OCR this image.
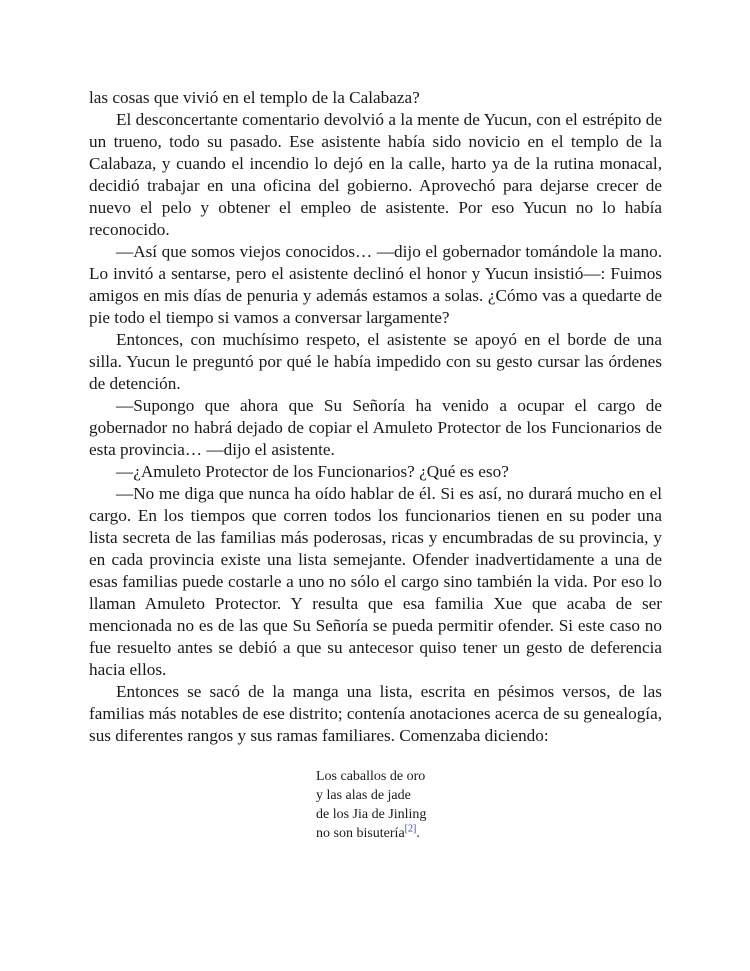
las cosas que vivió en el templo de la Calabaza?

El desconcertante comentario devolvió a la mente de Yucun, con el estrépito de un trueno, todo su pasado. Ese asistente había sido novicio en el templo de la Calabaza, y cuando el incendio lo dejó en la calle, harto ya de la rutina monacal, decidió trabajar en una oficina del gobierno. Aprovechó para dejarse crecer de nuevo el pelo y obtener el empleo de asistente. Por eso Yucun no lo había reconocido.

—Así que somos viejos conocidos… —dijo el gobernador tomándole la mano. Lo invitó a sentarse, pero el asistente declinó el honor y Yucun insistió—: Fuimos amigos en mis días de penuria y además estamos a solas. ¿Cómo vas a quedarte de pie todo el tiempo si vamos a conversar largamente?

Entonces, con muchísimo respeto, el asistente se apoyó en el borde de una silla. Yucun le preguntó por qué le había impedido con su gesto cursar las órdenes de detención.

—Supongo que ahora que Su Señoría ha venido a ocupar el cargo de gobernador no habrá dejado de copiar el Amuleto Protector de los Funcionarios de esta provincia… —dijo el asistente.

—¿Amuleto Protector de los Funcionarios? ¿Qué es eso?

—No me diga que nunca ha oído hablar de él. Si es así, no durará mucho en el cargo. En los tiempos que corren todos los funcionarios tienen en su poder una lista secreta de las familias más poderosas, ricas y encumbradas de su provincia, y en cada provincia existe una lista semejante. Ofender inadvertidamente a una de esas familias puede costarle a uno no sólo el cargo sino también la vida. Por eso lo llaman Amuleto Protector. Y resulta que esa familia Xue que acaba de ser mencionada no es de las que Su Señoría se pueda permitir ofender. Si este caso no fue resuelto antes se debió a que su antecesor quiso tener un gesto de deferencia hacia ellos.

Entonces se sacó de la manga una lista, escrita en pésimos versos, de las familias más notables de ese distrito; contenía anotaciones acerca de su genealogía, sus diferentes rangos y sus ramas familiares. Comenzaba diciendo:

Los caballos de oro
y las alas de jade
de los Jia de Jinling
no son bisutería[2].
